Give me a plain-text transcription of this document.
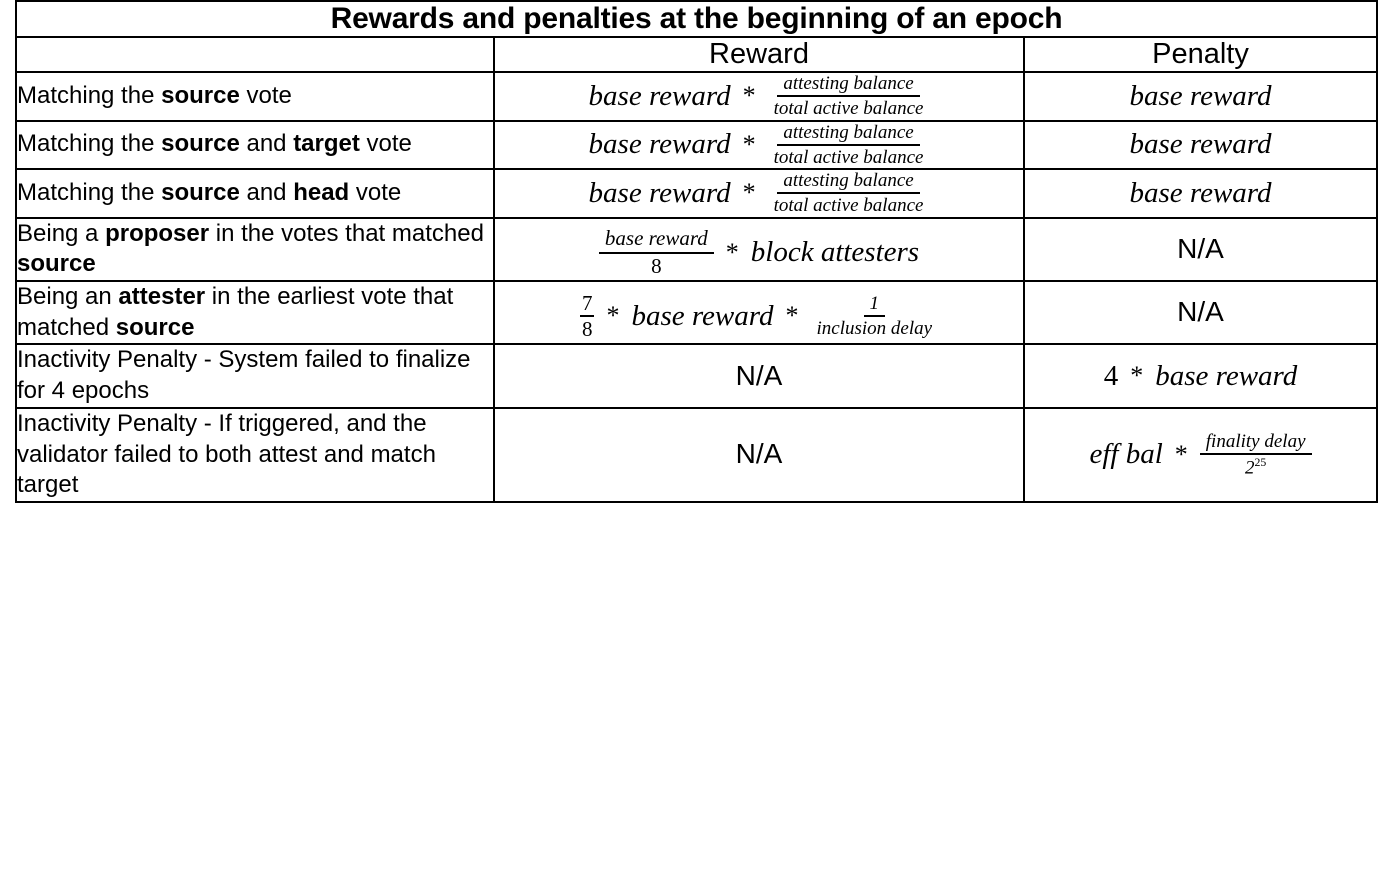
Rewards and penalties at the beginning of an epoch		
	Reward	Penalty
Matching the source vote	base reward * $\frac{\text{attesting balance}}{\text{total active balance}}$	base reward
Matching the source and target vote	base reward * $\frac{\text{attesting balance}}{\text{total active balance}}$	base reward
Matching the source and head vote	base reward * $\frac{\text{attesting balance}}{\text{total active balance}}$	base reward
Being a proposer in the votes that matched source	$\frac{\text{base reward}}{8}$ * block attesters	N/A
Being an attester in the earliest vote that matched source	$\frac{7}{8}$ * base reward * $\frac{1}{\text{inclusion delay}}$	N/A
Inactivity Penalty - System failed to finalize for 4 epochs	N/A	4 * base reward

Inactivity Penalty - If triggered, and the validator failed to both attest and match target	N/A	eff bal * $\frac{\text{finality delay}}{2^{25}}$
